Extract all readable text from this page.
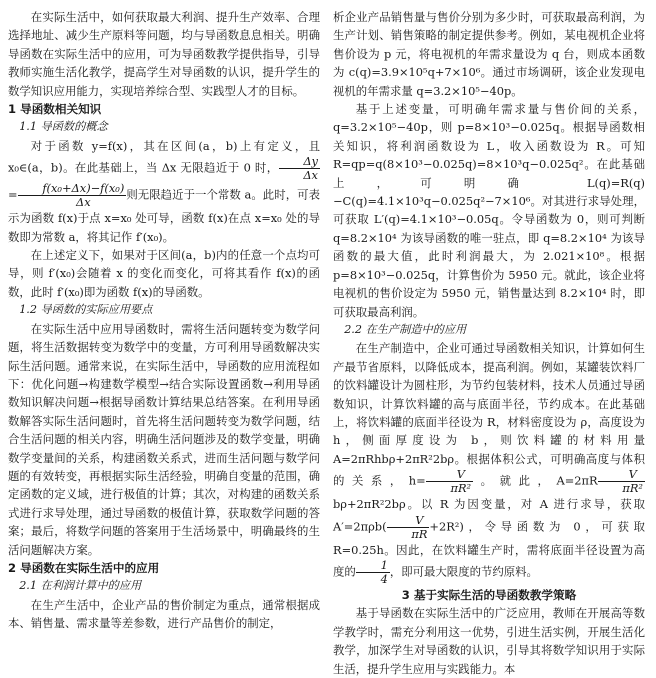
在实际生活中，如何获取最大利润、提升生产效率、合理选择地址、减少生产原料等问题，均与导函数息息相关。明确导函数在实际生活中的应用，可为导函数教学提供指导，引导教师实施生活化教学，提高学生对导函数的认识，提升学生的数学知识应用能力，实现培养综合型、实践型人才的目标。

1 导函数相关知识

1.1 导函数的概念

对于函数 y=f(x)，其在区间(a，b)上有定义，且 x₀∈(a，b)。在此基础上，当 Δx 无限趋近于 0 时， $\frac{\Delta y}{\Delta x}$
= $\frac{\text{f(x₀+Δx)−f(x₀)}}{\Delta x}$ 则无限趋近于一个常数 a。此时，可表示为函数 f(x)于点 x=x₀ 处可导，函数 f(x)在点 x=x₀ 处的导数即为常数 a，将其记作 f′(x₀)。

在上述定义下，如果对于区间(a，b)内的任意一个点均可导，则 f′(x₀)会随着 x 的变化而变化，可将其看作 f(x)的函数，此时 f′(x₀)即为函数 f(x)的导函数。

1.2 导函数的实际应用要点

在实际生活中应用导函数时，需将生活问题转变为数学问题，将生活数据转变为数学中的变量，方可利用导函数解决实际生活问题。通常来说，在实际生活中，导函数的应用流程如下：优化问题→构建数学模型→结合实际设置函数→利用导函数知识解决问题→根据导函数计算结果总结答案。在利用导函数解答实际生活问题时，首先将生活问题转变为数学问题，结合生活问题的相关内容，明确生活问题涉及的数学变量，明确数学变量间的关系，构建函数关系式，进而生活问题与数学问题的有效转变，再根据实际生活经验，明确自变量的范围，确定函数的定义域，进行极值的计算；其次，对构建的函数关系式进行求导处理，通过导函数的极值计算，获取数学问题的答案；最后，将数学问题的答案用于生活场景中，明确最终的生活问题解决方案。

2 导函数在实际生活中的应用

2.1 在利润计算中的应用

在生产生活中，企业产品的售价制定为重点，通常根据成本、销售量、需求量等差参数，进行产品售价的制定，

析企业产品销售量与售价分别为多少时，可获取最高利润，为生产计划、销售策略的制定提供参考。例如，某电视机企业将售价设为 p 元，将电视机的年需求量设为 q 台，则成本函数为 c(q)=3.9×10⁵q+7×10⁶。通过市场调研，该企业发现电视机的年需求量 q=3.2×10⁵−40p。

基于上述变量，可明确年需求量与售价间的关系，q=3.2×10⁵−40p，则 p=8×10³−0.025q。根据导函数相关知识，将利润函数设为 L，收入函数设为 R。可知 R=qp=q(8×10³−0.025q)=8×10³q−0.025q²。在此基础上，可明确 L(q)=R(q)−C(q)=4.1×10³q−0.025q²−7×10⁶。对其进行求导处理，可获取 L′(q)=4.1×10³−0.05q。令导函数为 0，则可判断 q=8.2×10⁴ 为该导函数的唯一驻点，即 q=8.2×10⁴ 为该导函数的最大值，此时利润最大，为 2.021×10⁸。根据 p=8×10³−0.025q，计算售价为 5950 元。就此，该企业将电视机的售价设定为 5950 元，销售量达到 8.2×10⁴ 时，即可获取最高利润。

2.2 在生产制造中的应用

在生产制造中，企业可通过导函数相关知识，计算如何生产最节省原料，以降低成本，提高利润。例如，某罐装饮料厂的饮料罐设计为圆柱形，为节约包装材料，技术人员通过导函数知识，计算饮料罐的高与底面半径，节约成本。在此基础上，将饮料罐的底面半径设为 R，材料密度设为 ρ，高度设为 h，侧面厚度设为 b，则饮料罐的材料用量 A=2πRhbρ+2πR²2bρ。根据体积公式，可明确高度与体积的关系，$h= \frac{V}{\text{πR²}}$ 。就此，$A=2\pi R \frac{V}{\text{πR²}}$
bρ+2πR²2bρ。以 R 为因变量，对 A 进行求导，获取 $A'=2\pi\rho b( \frac{V}{\pi R} +2R^2)$，令导函数为 0，可获取 R=0.25h。因此，在饮料罐生产时，需将底面半径设置为高度的 $\frac{1}{4}$ ，即可最大限度的节约原料。

3 基于实际生活的导函数教学策略

基于导函数在实际生活中的广泛应用，教师在开展高等数学教学时，需充分利用这一优势，引进生活实例，开展生活化教学，加深学生对导函数的认识，引导其将数学知识用于实际生活，提升学生应用与实践能力。本
